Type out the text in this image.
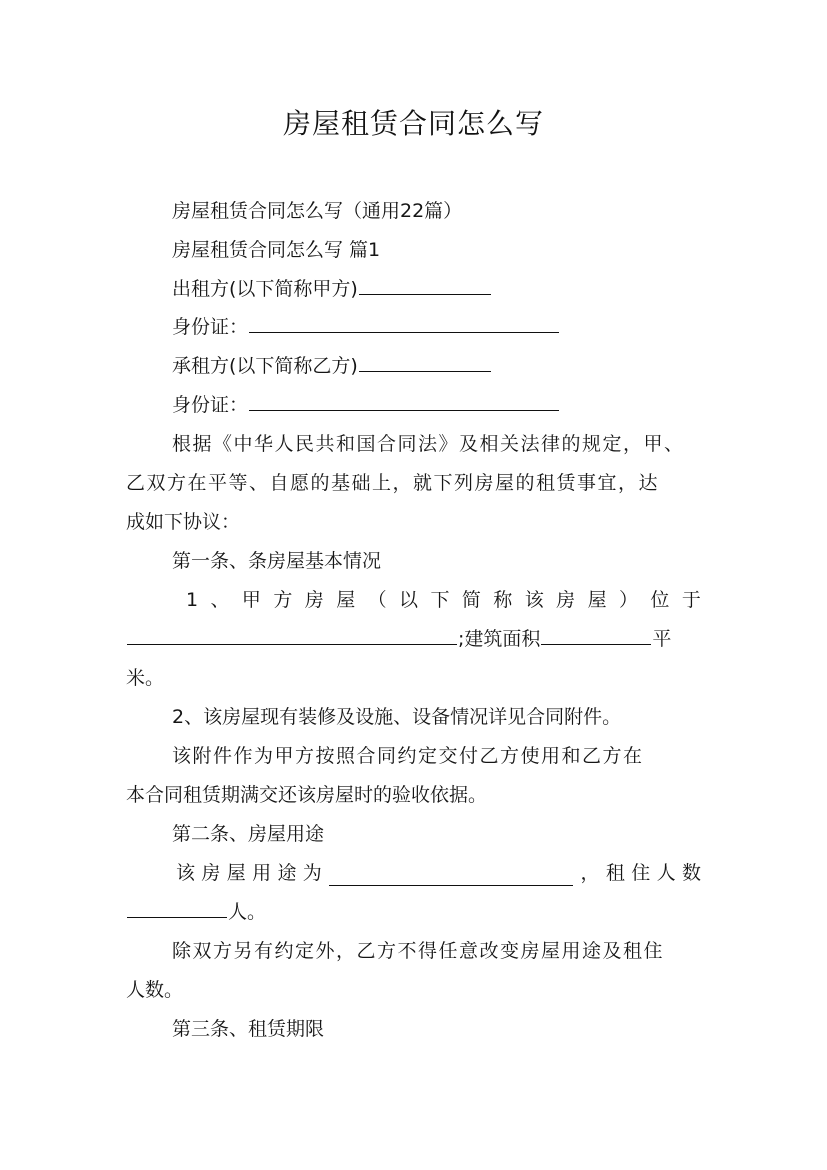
房屋租赁合同怎么写
房屋租赁合同怎么写（通用22篇）
房屋租赁合同怎么写 篇1
出租方(以下简称甲方)
身份证：
承租方(以下简称乙方)
身份证：
根据《中华人民共和国合同法》及相关法律的规定，甲、
乙双方在平等、自愿的基础上，就下列房屋的租赁事宜，达
成如下协议：
第一条、条房屋基本情况
1 、 甲 方 房 屋 （ 以 下 简 称 该 房 屋 ） 位 于
;建筑面积	平
米。
2、该房屋现有装修及设施、设备情况详见合同附件。
该附件作为甲方按照合同约定交付乙方使用和乙方在
本合同租赁期满交还该房屋时的验收依据。
第二条、房屋用途
该 房 屋 用 途 为	， 租 住 人 数
人。
除双方另有约定外，乙方不得任意改变房屋用途及租住
人数。
第三条、租赁期限
